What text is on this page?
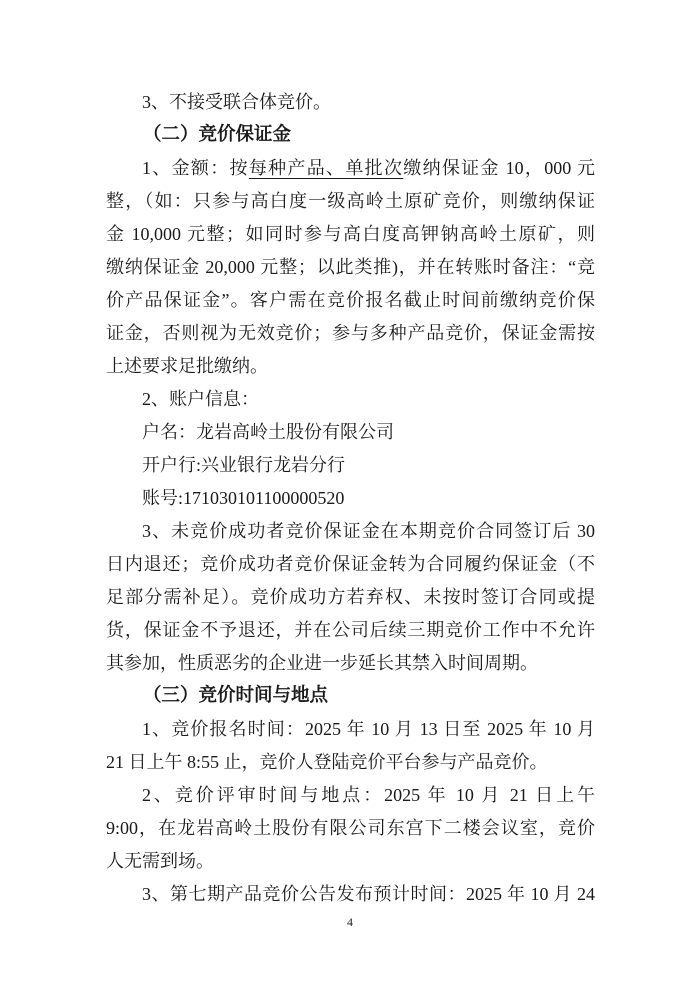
3、不接受联合体竞价。
（二）竞价保证金
1、金额：按每种产品、单批次缴纳保证金 10，000 元
整，（如：只参与高白度一级高岭土原矿竞价，则缴纳保证
金 10,000 元整；如同时参与高白度高钾钠高岭土原矿，则
缴纳保证金 20,000 元整；以此类推)，并在转账时备注：“竞
价产品保证金”。客户需在竞价报名截止时间前缴纳竞价保
证金，否则视为无效竞价；参与多种产品竞价，保证金需按
上述要求足批缴纳。
2、账户信息：
户名：龙岩高岭土股份有限公司
开户行:兴业银行龙岩分行
账号:171030101100000520
3、未竞价成功者竞价保证金在本期竞价合同签订后 30
日内退还；竞价成功者竞价保证金转为合同履约保证金（不
足部分需补足）。竞价成功方若弃权、未按时签订合同或提
货，保证金不予退还，并在公司后续三期竞价工作中不允许
其参加，性质恶劣的企业进一步延长其禁入时间周期。
（三）竞价时间与地点
1、竞价报名时间：2025 年 10 月 13 日至 2025 年 10 月
21 日上午 8:55 止，竞价人登陆竞价平台参与产品竞价。
2、竞价评审时间与地点：2025 年 10 月 21 日上午
9:00，在龙岩高岭土股份有限公司东宫下二楼会议室，竞价
人无需到场。
3、第七期产品竞价公告发布预计时间：2025 年 10 月 24
4
